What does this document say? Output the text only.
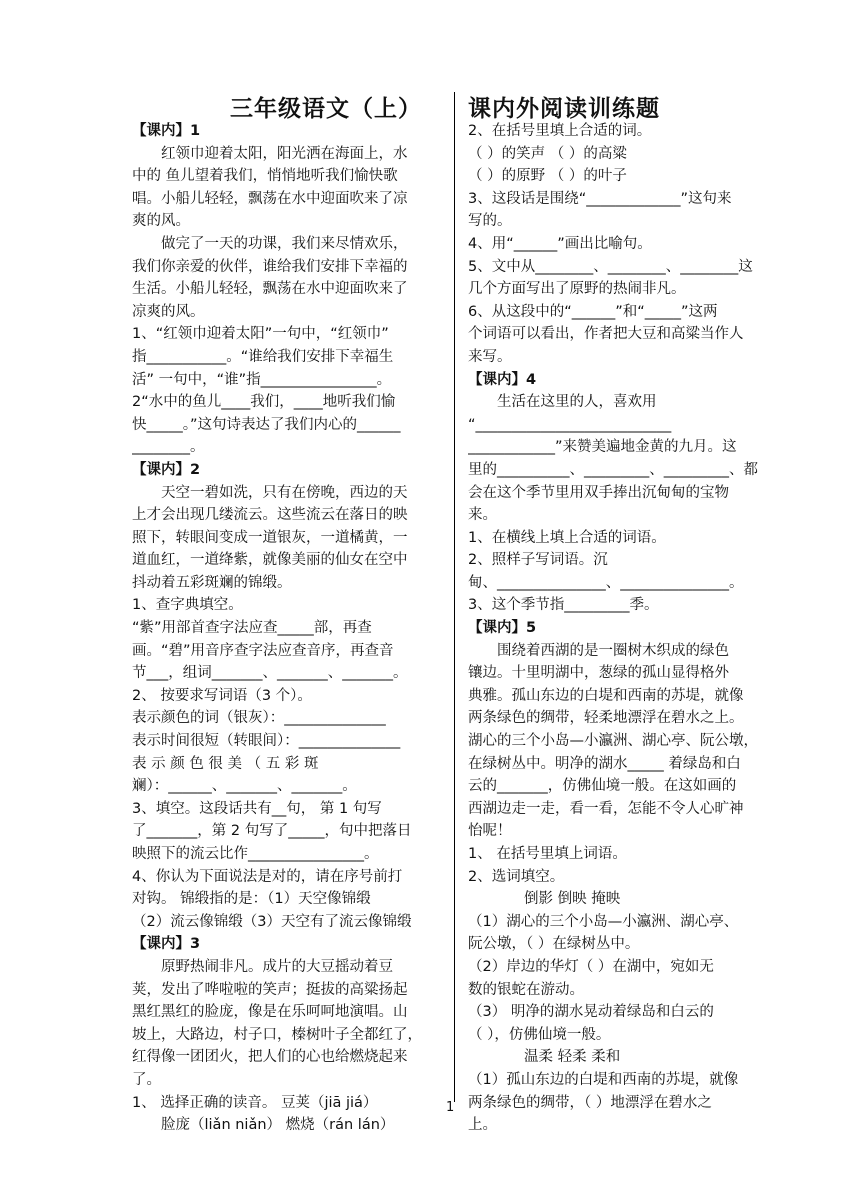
三年级语文（上） 课内外阅读训练题
【课内】1
　　红领巾迎着太阳，阳光洒在海面上，水
中的 鱼儿望着我们，悄悄地听我们愉快歌
唱。小船儿轻轻，飘荡在水中迎面吹来了凉
爽的风。
　　做完了一天的功课，我们来尽情欢乐，
我们你亲爱的伙伴，谁给我们安排下幸福的
生活。小船儿轻轻，飘荡在水中迎面吹来了
凉爽的风。
1、“红领巾迎着太阳”一句中，“红领巾”
指___________。“谁给我们安排下幸福生
活” 一句中，“谁”指________________。
2“水中的鱼儿____我们，____地听我们愉
快_____。”这句诗表达了我们内心的______
________。
【课内】2
　　天空一碧如洗，只有在傍晚，西边的天
上才会出现几缕流云。这些流云在落日的映
照下，转眼间变成一道银灰，一道橘黄，一
道血红，一道绛紫，就像美丽的仙女在空中
抖动着五彩斑斓的锦缎。
1、查字典填空。
“紫”用部首查字法应查_____部，再查
画。“碧”用音序查字法应查音序，再查音
节___，组词_______、_______、_______。
2、 按要求写词语（3 个）。
表示颜色的词（银灰）：______________
表示时间很短（转眼间）：______________
表 示 颜 色 很 美 （ 五 彩 斑
斓）：______、_______、_______。
3、填空。这段话共有__句， 第 1 句写
了_______，第 2 句写了_____，句中把落日
映照下的流云比作________________。
4、你认为下面说法是对的，请在序号前打
对钩。 锦缎指的是：（1）天空像锦缎
（2）流云像锦缎（3）天空有了流云像锦缎
【课内】3
　　原野热闹非凡。成片的大豆摇动着豆
荚，发出了哗啦啦的笑声；挺拔的高粱扬起
黑红黑红的脸庞，像是在乐呵呵地演唱。山
坡上，大路边，村子口，榛树叶子全都红了，
红得像一团团火，把人们的心也给燃烧起来
了。
1、 选择正确的读音。 豆荚（jiā jiá）
　　脸庞（liǎn niǎn） 燃烧（rán lán）
2、在括号里填上合适的词。
（ ）的笑声 （ ）的高粱
（ ）的原野 （ ）的叶子
3、这段话是围绕“_____________”这句来
写的。
4、用“______”画出比喻句。
5、文中从________、________、________这
几个方面写出了原野的热闹非凡。
6、从这段中的“______”和“_____”这两
个词语可以看出，作者把大豆和高粱当作人
来写。
【课内】4
　　生活在这里的人，喜欢用
“___________________________
____________”来赞美遍地金黄的九月。这
里的__________、_________、_________、都
会在这个季节里用双手捧出沉甸甸的宝物
来。
1、在横线上填上合适的词语。
2、照样子写词语。沉
甸、_______________、_______________。
3、这个季节指_________季。
【课内】5
　　围绕着西湖的是一圈树木织成的绿色
镶边。十里明湖中，葱绿的孤山显得格外
典雅。孤山东边的白堤和西南的苏堤，就像
两条绿色的绸带，轻柔地漂浮在碧水之上。
湖心的三个小岛—小瀛洲、湖心亭、阮公墩，
在绿树丛中。明净的湖水_____ 着绿岛和白
云的_______，仿佛仙境一般。在这如画的
西湖边走一走，看一看，怎能不令人心旷神
怡呢！
1、 在括号里填上词语。
2、选词填空。
倒影 倒映 掩映
（1）湖心的三个小岛—小瀛洲、湖心亭、
阮公墩，（ ）在绿树丛中。
（2）岸边的华灯（ ）在湖中，宛如无
数的银蛇在游动。
（3） 明净的湖水晃动着绿岛和白云的
（ ），仿佛仙境一般。
温柔 轻柔 柔和
（1）孤山东边的白堤和西南的苏堤，就像
两条绿色的绸带，（ ）地漂浮在碧水之
上。
1
